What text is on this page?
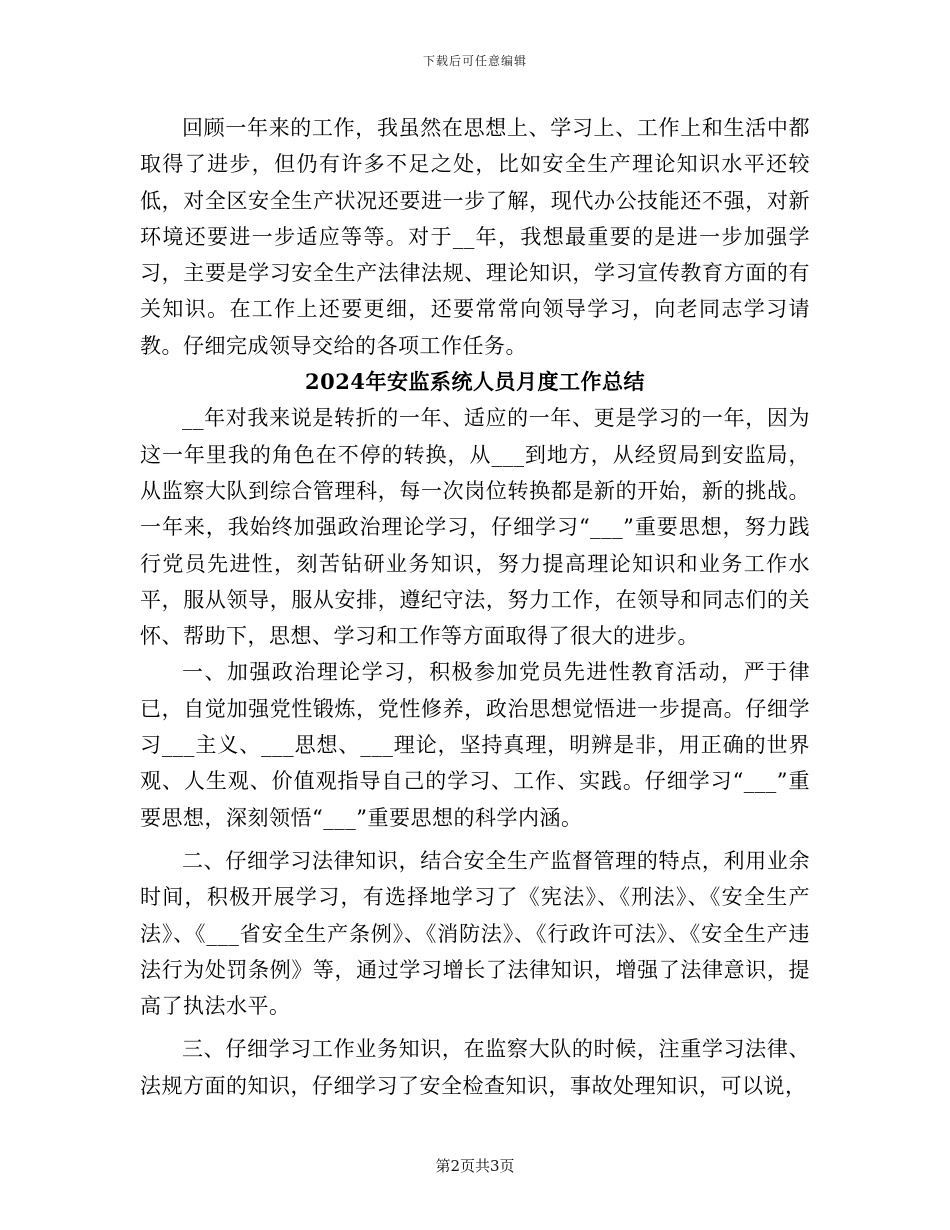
下载后可任意编辑

回顾一年来的工作，我虽然在思想上、学习上、工作上和生活中都取得了进步，但仍有许多不足之处，比如安全生产理论知识水平还较低，对全区安全生产状况还要进一步了解，现代办公技能还不强，对新环境还要进一步适应等等。对于__年，我想最重要的是进一步加强学习，主要是学习安全生产法律法规、理论知识，学习宣传教育方面的有关知识。在工作上还要更细，还要常常向领导学习，向老同志学习请教。仔细完成领导交给的各项工作任务。

2024年安监系统人员月度工作总结

__年对我来说是转折的一年、适应的一年、更是学习的一年，因为这一年里我的角色在不停的转换，从___到地方，从经贸局到安监局，从监察大队到综合管理科，每一次岗位转换都是新的开始，新的挑战。一年来，我始终加强政治理论学习，仔细学习“___”重要思想，努力践行党员先进性，刻苦钻研业务知识，努力提高理论知识和业务工作水平，服从领导，服从安排，遵纪守法，努力工作，在领导和同志们的关怀、帮助下，思想、学习和工作等方面取得了很大的进步。

一、加强政治理论学习，积极参加党员先进性教育活动，严于律已，自觉加强党性锻炼，党性修养，政治思想觉悟进一步提高。仔细学习___主义、___思想、___理论，坚持真理，明辨是非，用正确的世界观、人生观、价值观指导自己的学习、工作、实践。仔细学习“___”重要思想，深刻领悟“___”重要思想的科学内涵。

二、仔细学习法律知识，结合安全生产监督管理的特点，利用业余时间，积极开展学习，有选择地学习了《宪法》、《刑法》、《安全生产法》、《___省安全生产条例》、《消防法》、《行政许可法》、《安全生产违法行为处罚条例》等，通过学习增长了法律知识，增强了法律意识，提高了执法水平。

三、仔细学习工作业务知识，在监察大队的时候，注重学习法律、法规方面的知识，仔细学习了安全检查知识，事故处理知识，可以说，

第2页共3页
